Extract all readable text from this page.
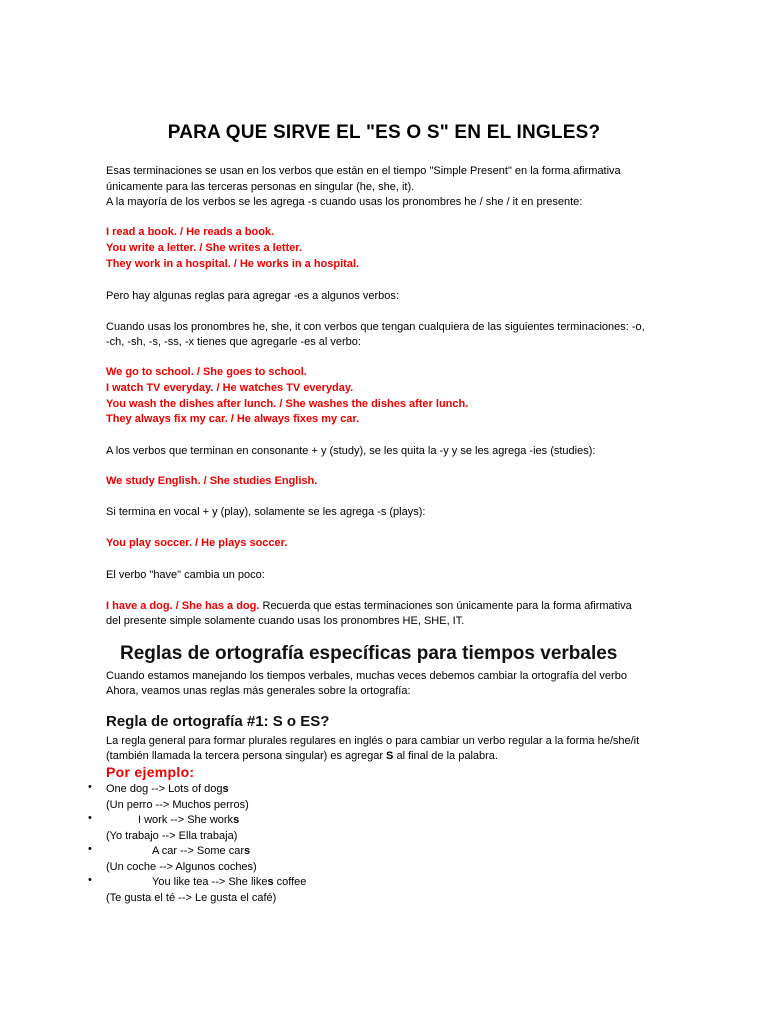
PARA QUE SIRVE EL "ES O S" EN EL INGLES?
Esas terminaciones se usan en los verbos que están en el tiempo "Simple Present" en la forma afirmativa
únicamente para las terceras personas en singular (he, she, it).
A la mayoría de los verbos se les agrega -s cuando usas los pronombres he / she / it en presente:
I read a book. / He reads a book.
You write a letter. / She writes a letter.
They work in a hospital. / He works in a hospital.
Pero hay algunas reglas para agregar -es a algunos verbos:
Cuando usas los pronombres he, she, it con verbos que tengan cualquiera de las siguientes terminaciones: -o,
-ch, -sh, -s, -ss, -x tienes que agregarle -es al verbo:
We go to school. / She goes to school.
I watch TV everyday. / He watches TV everyday.
You wash the dishes after lunch. / She washes the dishes after lunch.
They always fix my car. / He always fixes my car.
A los verbos que terminan en consonante + y (study), se les quita la -y y se les agrega -ies (studies):
We study English. / She studies English.
Si termina en vocal + y (play), solamente se les agrega -s (plays):
You play soccer. / He plays soccer.
El verbo "have" cambia un poco:
I have a dog. / She has a dog. Recuerda que estas terminaciones son únicamente para la forma afirmativa
del presente simple solamente cuando usas los pronombres HE, SHE, IT.
Reglas de ortografía específicas para tiempos verbales
Cuando estamos manejando los tiempos verbales, muchas veces debemos cambiar la ortografía del verbo
Ahora, veamos unas reglas más generales sobre la ortografía:
Regla de ortografía #1: S o ES?
La regla general para formar plurales regulares en inglés o para cambiar un verbo regular a la forma he/she/it
(también llamada la tercera persona singular) es agregar S al final de la palabra.
Por ejemplo:
•	One dog --> Lots of dogs
(Un perro --> Muchos perros)
•	I work --> She works
(Yo trabajo --> Ella trabaja)
•	A car --> Some cars
(Un coche --> Algunos coches)
•	You like tea --> She likes coffee
(Te gusta el té --> Le gusta el café)
